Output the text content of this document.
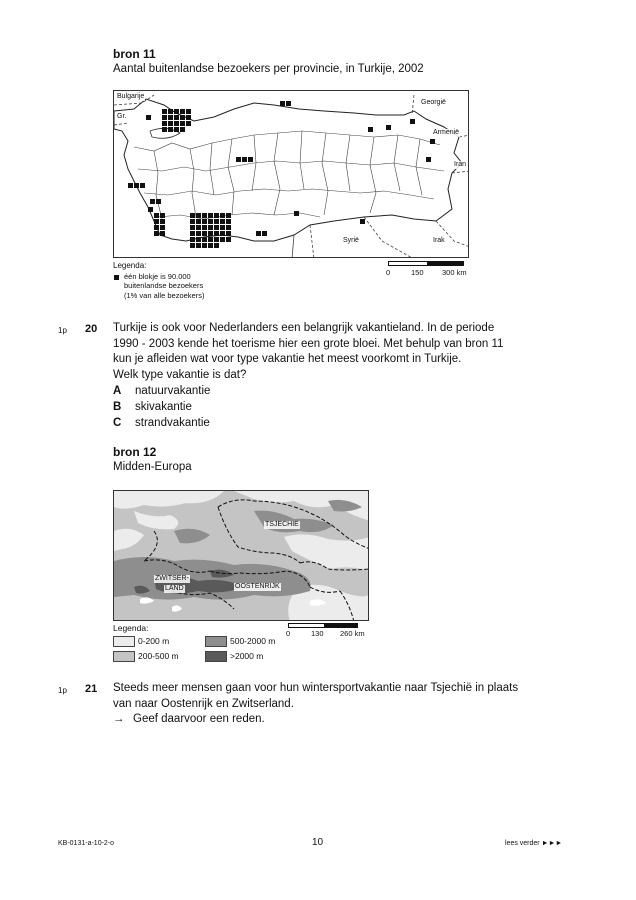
bron 11
Aantal buitenlandse bezoekers per provincie, in Turkije, 2002
Bulgarije
Gr.
Georgië
Armenië
Iran
Syrië	Irak
Legenda:
één blokje is 90.000
buitenlandse bezoekers
(1% van alle bezoekers)
0	150 300 km
1p 20 Turkije is ook voor Nederlanders een belangrijk vakantieland. In de periode
1990 - 2003 kende het toerisme hier een grote bloei. Met behulp van bron 11
kun je afleiden wat voor type vakantie het meest voorkomt in Turkije.
Welk type vakantie is dat?
A	natuurvakantie
B	skivakantie
C	strandvakantie
bron 12
Midden-Europa
TSJECHIE
ZWITSER-
LAND	OOSTENRIJK
Legenda:
0-200 m
200-500 m
500-2000 m
>2000 m
0	130 260 km
1p 21 Steeds meer mensen gaan voor hun wintersportvakantie naar Tsjechië in plaats
van naar Oostenrijk en Zwitserland.
→ Geef daarvoor een reden.
KB-0131-a-10-2-o	10	lees verder ►►►
